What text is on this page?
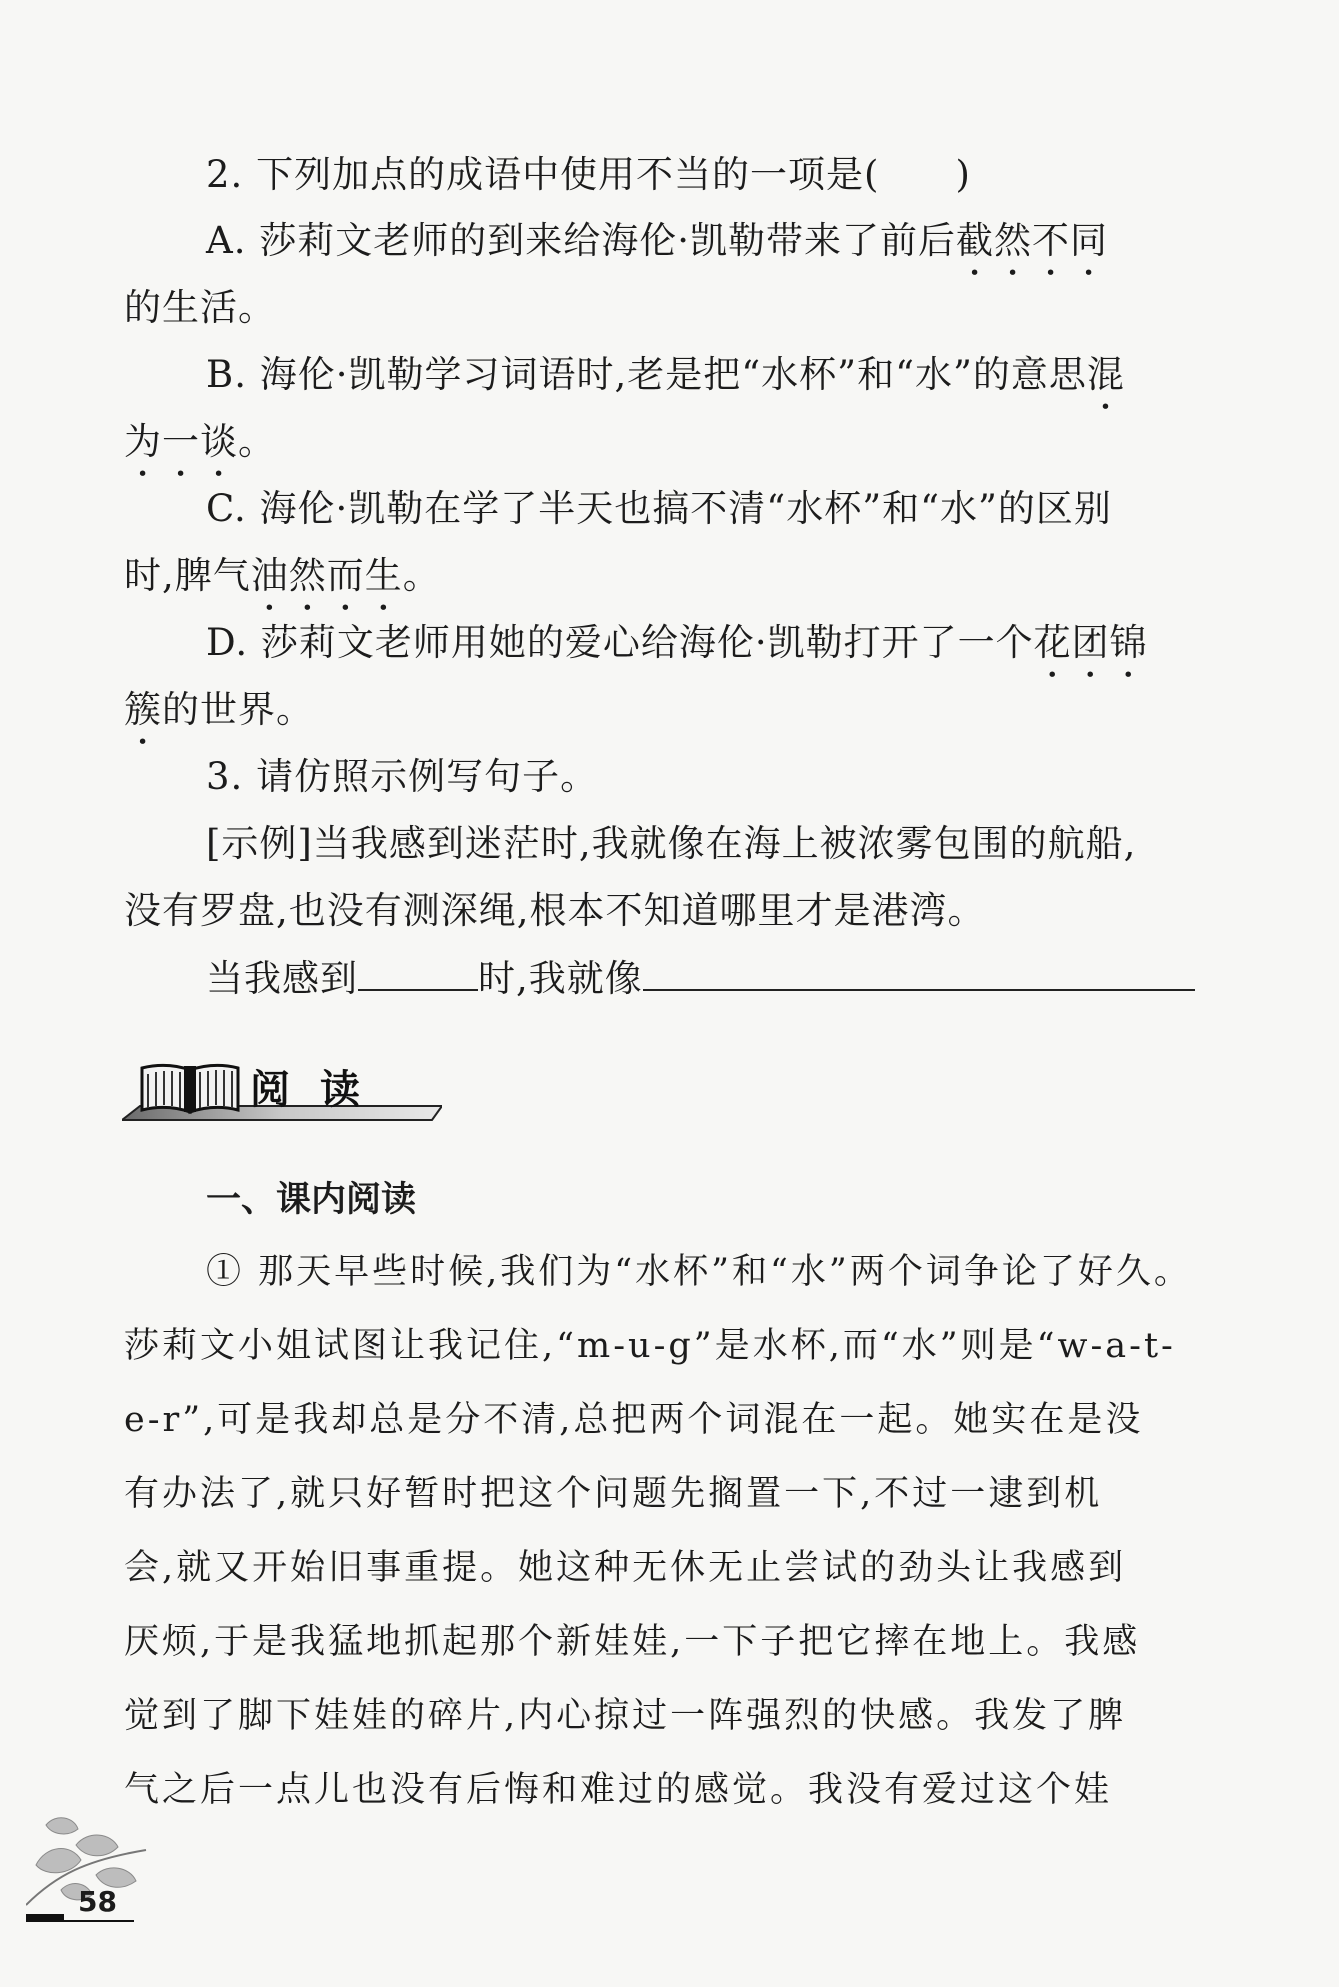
2. 下列加点的成语中使用不当的一项是(　　)
A. 莎莉文老师的到来给海伦·凯勒带来了前后截然不同
的生活。
B. 海伦·凯勒学习词语时,老是把“水杯”和“水”的意思混
为一谈。
C. 海伦·凯勒在学了半天也搞不清“水杯”和“水”的区别
时,脾气油然而生。
D. 莎莉文老师用她的爱心给海伦·凯勒打开了一个花团锦
簇的世界。
3. 请仿照示例写句子。
[示例]当我感到迷茫时,我就像在海上被浓雾包围的航船,
没有罗盘,也没有测深绳,根本不知道哪里才是港湾。
当我感到	时,我就像
阅读
一、课内阅读
① 那天早些时候,我们为“水杯”和“水”两个词争论了好久。
莎莉文小姐试图让我记住,“m-u-g”是水杯,而“水”则是“w-a-t-
e-r”,可是我却总是分不清,总把两个词混在一起。她实在是没
有办法了,就只好暂时把这个问题先搁置一下,不过一逮到机
会,就又开始旧事重提。她这种无休无止尝试的劲头让我感到
厌烦,于是我猛地抓起那个新娃娃,一下子把它摔在地上。我感
觉到了脚下娃娃的碎片,内心掠过一阵强烈的快感。我发了脾
气之后一点儿也没有后悔和难过的感觉。我没有爱过这个娃
58
